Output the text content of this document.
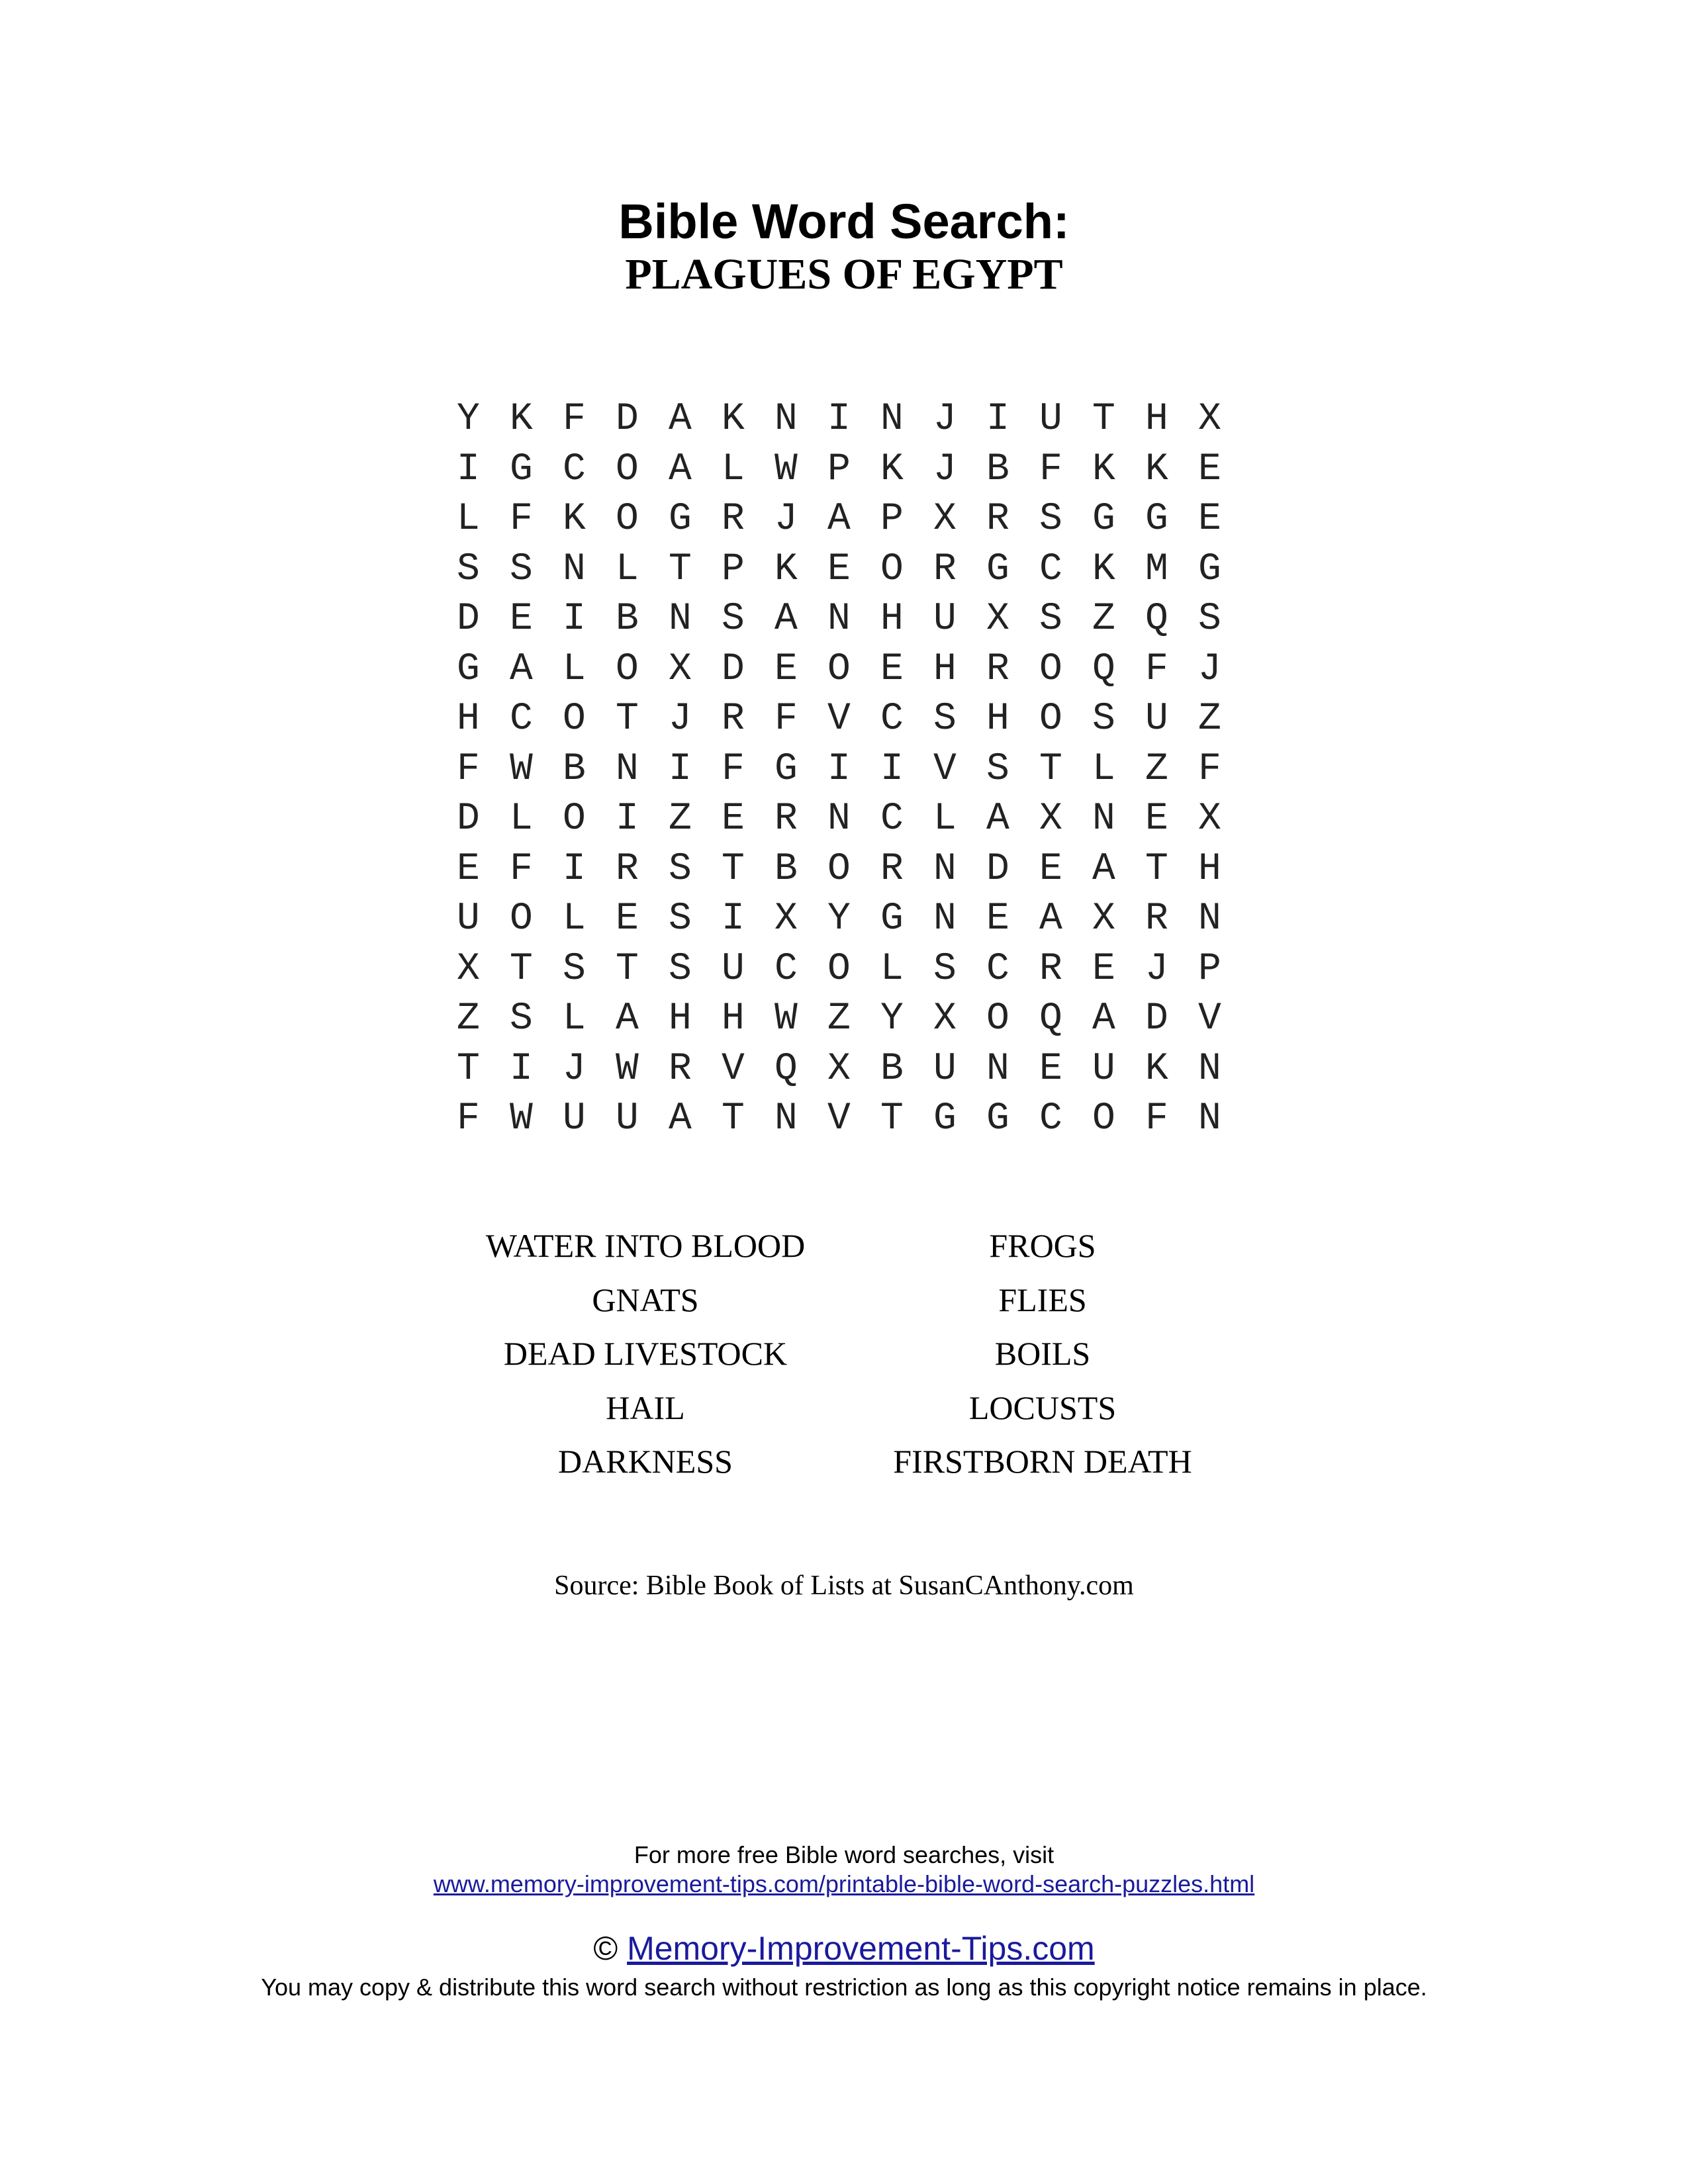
Bible Word Search:
PLAGUES OF EGYPT
Y K F D A K N I N J I U T H X
I G C O A L W P K J B F K K E
L F K O G R J A P X R S G G E
S S N L T P K E O R G C K M G
D E I B N S A N H U X S Z Q S
G A L O X D E O E H R O Q F J
H C O T J R F V C S H O S U Z
F W B N I F G I I V S T L Z F
D L O I Z E R N C L A X N E X
E F I R S T B O R N D E A T H
U O L E S I X Y G N E A X R N
X T S T S U C O L S C R E J P
Z S L A H H W Z Y X O Q A D V
T I J W R V Q X B U N E U K N
F W U U A T N V T G G C O F N
WATER INTO BLOOD
GNATS
DEAD LIVESTOCK
HAIL
DARKNESS
FROGS
FLIES
BOILS
LOCUSTS
FIRSTBORN DEATH
Source: Bible Book of Lists at SusanCAnthony.com
For more free Bible word searches, visit
www.memory-improvement-tips.com/printable-bible-word-search-puzzles.html
© Memory-Improvement-Tips.com
You may copy & distribute this word search without restriction as long as this copyright notice remains in place.
